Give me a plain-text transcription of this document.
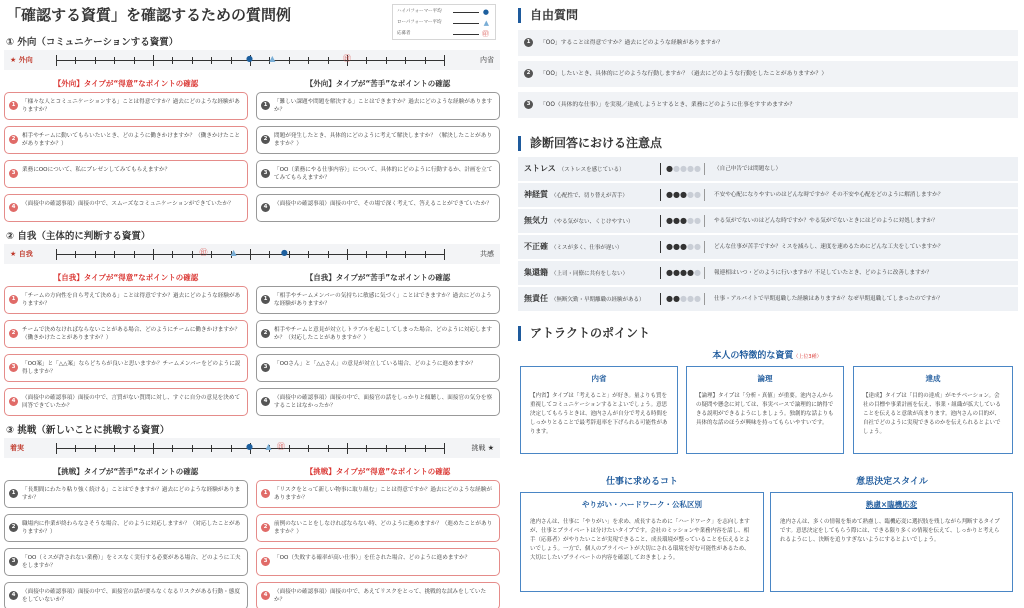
「確認する資質」を確認するための質問例	ハイパフォーマー平均	●
ローパフォーマー平均	▲
応募者	㊞
① 外向（コミュニケーションする資質）
★ 外向	内省
● ▲	㊞
【外向】タイプが“得意”なポイントの確認	【外向】タイプが“苦手”なポイントの確認
1	「様々な人とコミュニケーションする」ことは得意ですか？過去にどのような経験がありますか？
1	「難しい課題や問題を解決する」ことはできますか？過去にどのような経験がありますか？
2	相手やチームに動いてもらいたいとき、どのように働きかけますか？（働きかけたことがありますか？）
2	問題が発生したとき、具体的にどのように考えて解決しますか？（解決したことがありますか？）
3	業務にOOについて、私にプレゼンしてみてもらえますか？	3	「OO（業務にやる仕事内容）」について、具体的にどのように行動するか、計画を立ててみてもらえますか？
4	（面接中の確認事項）面接の中で、スムーズなコミュニケーションができていたか？	4	（面接中の確認事項）面接の中で、その場で深く考えて、答えることができていたか？
② 自我（主体的に判断する資質）
★ 自我	共感
㊞	▲	●
【自我】タイプが“得意”なポイントの確認	【自我】タイプが“苦手”なポイントの確認
1	「チームの方向性を自ら考えて決める」ことは得意ですか？過去にどのような経験がありますか？
1	「相手やチームメンバーの気持ちに敏感に気づく」ことはできますか？過去にどのような経験がありますか？
2	チームで決めなければならないことがある場合、どのようにチームに働きかけますか？（働きかけたことがありますか？）
2	相手やチームと意見が対立しトラブルを起こしてしまった場合、どのように対応しますか？（対応したことがありますか？）
3	「OO案」と「△△案」ならどちらが良いと思いますか？チームメンバーをどのように説得しますか？
3	「OOさん」と「△△さん」の意見が対立している場合、どのように進めますか？
4	（面接中の確認事項）面接の中で、言質がない質問に対し、すぐに自分の意見を決めて回答できていたか？
4	（面接中の確認事項）面接の中で、面接官の話をしっかりと傾聴し、面接官の気分を察することはなかったか？
③ 挑戦（新しいことに挑戦する資質）
着実	挑戦 ★
● ▲ ㊞
【挑戦】タイプが“苦手”なポイントの確認	【挑戦】タイプが“得意”なポイントの確認
1	「長期間にわたり粘り強く続ける」ことはできますか？過去にどのような経験がありますか？
1	「リスクをとって新しい物事に取り組む」ことは得意ですか？過去にどのような経験がありますか？
2	職場内に作業が終わらなさそうな場合、どのように対応しますか？（対応したことがありますか？）
2	前例のないことをしなければならない時、どのように進めますか？（進めたことがありますか？）
3	「OO（ミスが許されない業務）」をミスなく実行する必要がある場合、どのように工夫をしますか？
3	「OO（失敗する確率が高い仕事）」を任された場合、どのように進めますか？
4	（面接中の確認事項）面接の中で、面接官の話が要らなくなるリスクがある行動・態度をしていないか？
4	（面接中の確認事項）面接の中で、あえてリスクをとって、挑戦的な試みをしていたか？
自由質問
1	「OO」することは得意ですか？過去にどのような経験がありますか？
2	「OO」したいとき、具体的にどのような行動しますか？（過去にどのような行動をしたことがありますか？）
3	「OO（具体的な仕事）」を実現／達成しようとするとき、業務にどのように仕事をすすめますか？
診断回答における注意点
ストレス （ストレスを感じている）	●●●●● （自己申告では問題なし）
神経質 （心配性で、切り替えが苦手）	●●●●● 不安や心配になりやすいのはどんな時ですか？その不安や心配をどのように解消しますか？
無気力 （やる気がない、くじけやすい）	●●●●● やる気がでないのはどんな時ですか？やる気がでないときにはどのように対処しますか？
不正確 （ミスが多く、仕事が遅い）	●●●●● どんな仕事が苦手ですか？ミスを減らし、速度を速めるためにどんな工夫をしていますか？
集還籍 （上司・同僚に共有をしない）	●●●●● 報連相はいつ・どのように行いますか？不足していたとき、どのように改善しますか？
無責任 （無断欠勤・早期離職の経験がある）	●●●●● 仕事・アルバイトで早期退職した経験はありますか？なぜ早期退職してしまったのですか？
アトラクトのポイント
本人の特徴的な資質（上位3種）
内省
【内省】タイプは「考えること」が好き。量よりも質を重視してコミュニケーションするとよいでしょう。意思決定してもらうときは、池内さんが自分で考える時間をしっかりとることで最考辞退率を下げられる可能性があります。
論理
【論理】タイプは「分析・真値」が重要。池内さんからの疑問や懸念に対しては、事実ベースで論理的に納得できる説明ができるようにしましょう。独創的な話よりも具体的な話のほうが興味を持ってもらいやすいです。
達成
【達成】タイプは「目的の達成」がモチベーション。会社の目標や事業計画を伝え、事業・組織が拡大していることを伝えると意欲が高まります。池内さんの目的が、自社でどのように実現できるのかを伝えられるとよいでしょう。
仕事に求めるコト
やりがい・ハードワーク・公私区別
池内さんは、仕事に「やりがい」を求め、成長するために「ハードワーク」を志向しますが、仕事とプライベートは分けたいタイプです。会社のミッションや業務内容を話し、相手（応募者）がやりたいことが実現できること、成長環境が整っていることを伝えるとよいでしょう。一方で、個人のプライベートが大切にされる環境を好む可能性があるため、大切にしたいプライベートの内容を確認しておきましょう。
意思決定スタイル
熟慮×臨機応変
池内さんは、多くの情報を集めて熟慮し、臨機応変に選択肢を残しながら判断するタイプです。意思決定をしてもらう際には、できる限り多くの情報を伝えて、しっかりと考えられるようにし、決断を追りすぎないようにするとよいでしょう。
